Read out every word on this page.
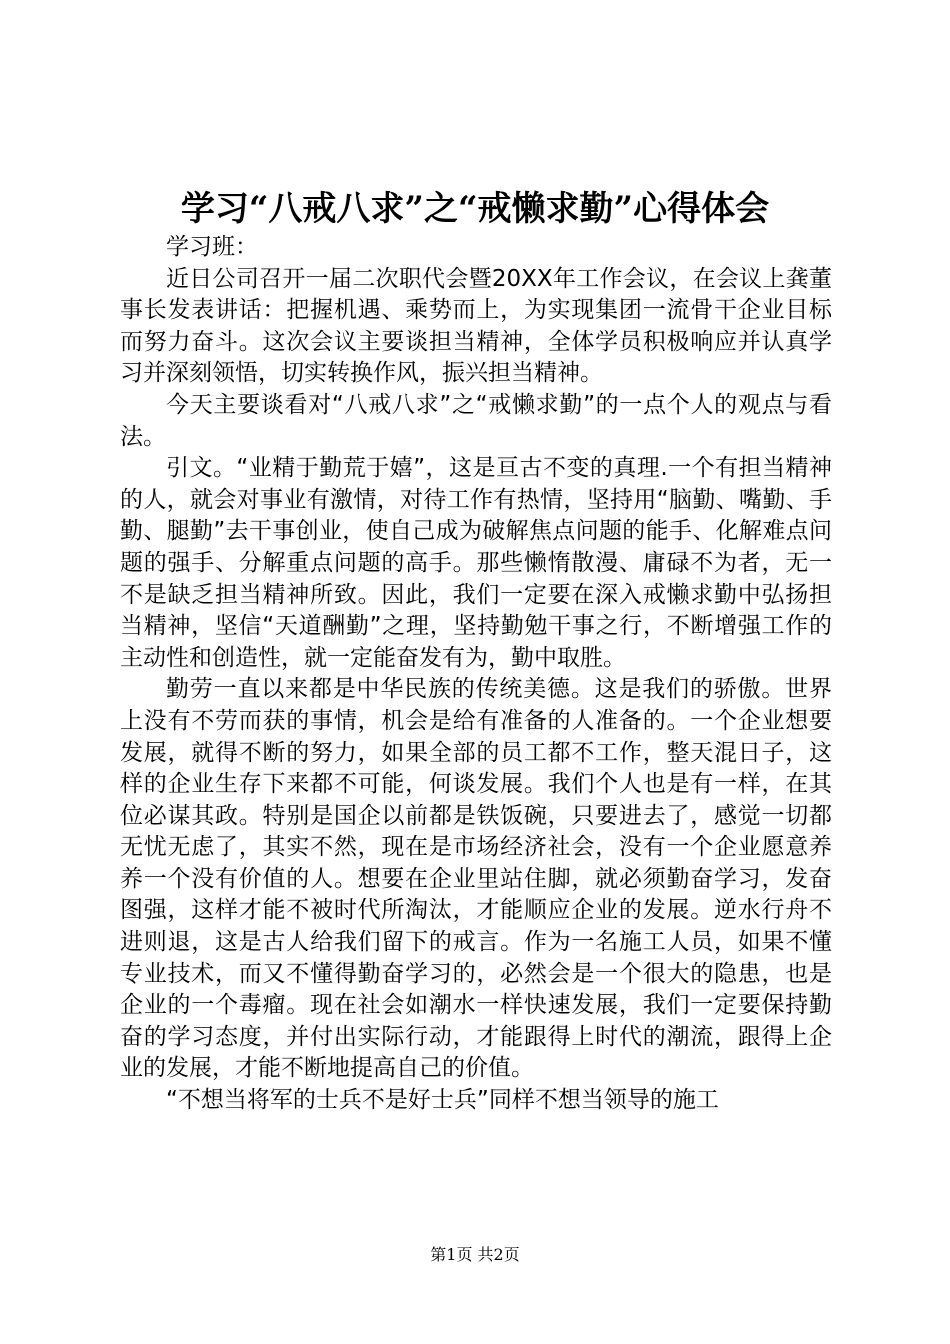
学习“八戒八求”之“戒懒求勤”心得体会

学习班：

近日公司召开一届二次职代会暨20XX年工作会议，在会议上龚董事长发表讲话：把握机遇、乘势而上，为实现集团一流骨干企业目标而努力奋斗。这次会议主要谈担当精神，全体学员积极响应并认真学习并深刻领悟，切实转换作风，振兴担当精神。

今天主要谈看对“八戒八求”之“戒懒求勤”的一点个人的观点与看法。

引文。“业精于勤荒于嬉”，这是亘古不变的真理.一个有担当精神的人，就会对事业有激情，对待工作有热情，坚持用“脑勤、嘴勤、手勤、腿勤”去干事创业，使自己成为破解焦点问题的能手、化解难点问题的强手、分解重点问题的高手。那些懒惰散漫、庸碌不为者，无一不是缺乏担当精神所致。因此，我们一定要在深入戒懒求勤中弘扬担当精神，坚信“天道酬勤”之理，坚持勤勉干事之行，不断增强工作的主动性和创造性，就一定能奋发有为，勤中取胜。

勤劳一直以来都是中华民族的传统美德。这是我们的骄傲。世界上没有不劳而获的事情，机会是给有准备的人准备的。一个企业想要发展，就得不断的努力，如果全部的员工都不工作，整天混日子，这样的企业生存下来都不可能，何谈发展。我们个人也是有一样，在其位必谋其政。特别是国企以前都是铁饭碗，只要进去了，感觉一切都无忧无虑了，其实不然，现在是市场经济社会，没有一个企业愿意养养一个没有价值的人。想要在企业里站住脚，就必须勤奋学习，发奋图强，这样才能不被时代所淘汰，才能顺应企业的发展。逆水行舟不进则退，这是古人给我们留下的戒言。作为一名施工人员，如果不懂专业技术，而又不懂得勤奋学习的，必然会是一个很大的隐患，也是企业的一个毒瘤。现在社会如潮水一样快速发展，我们一定要保持勤奋的学习态度，并付出实际行动，才能跟得上时代的潮流，跟得上企业的发展，才能不断地提高自己的价值。

“不想当将军的士兵不是好士兵”同样不想当领导的施工

第1页 共2页
